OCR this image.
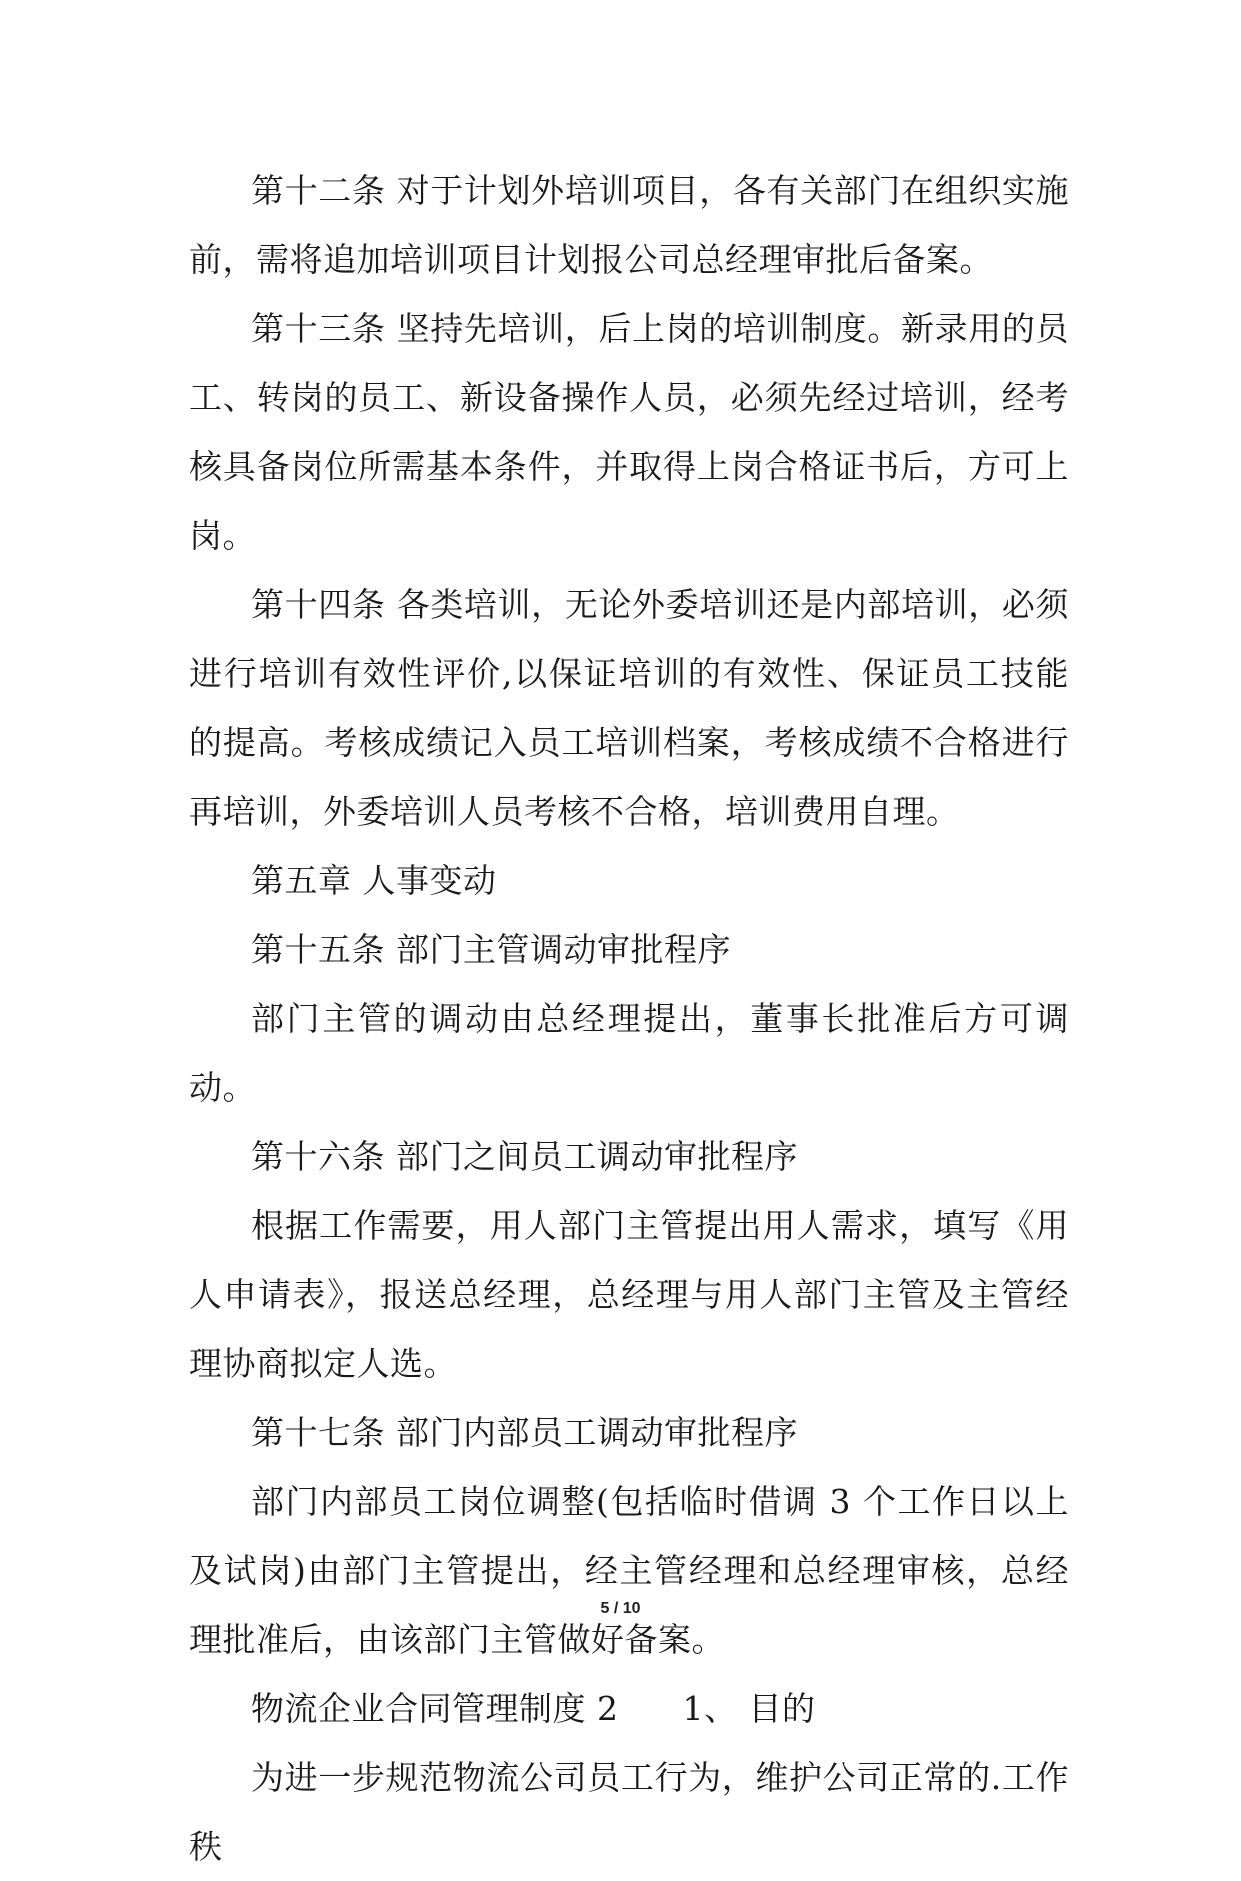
第十二条 对于计划外培训项目，各有关部门在组织实施前，需将追加培训项目计划报公司总经理审批后备案。

第十三条 坚持先培训，后上岗的培训制度。新录用的员工、转岗的员工、新设备操作人员，必须先经过培训，经考核具备岗位所需基本条件，并取得上岗合格证书后，方可上岗。

第十四条 各类培训，无论外委培训还是内部培训，必须进行培训有效性评价,以保证培训的有效性、保证员工技能的提高。考核成绩记入员工培训档案，考核成绩不合格进行再培训，外委培训人员考核不合格，培训费用自理。

第五章 人事变动

第十五条 部门主管调动审批程序

部门主管的调动由总经理提出，董事长批准后方可调动。

第十六条 部门之间员工调动审批程序

根据工作需要，用人部门主管提出用人需求，填写《用人申请表》，报送总经理，总经理与用人部门主管及主管经理协商拟定人选。

第十七条 部门内部员工调动审批程序

部门内部员工岗位调整(包括临时借调 3 个工作日以上及试岗)由部门主管提出，经主管经理和总经理审核，总经理批准后，由该部门主管做好备案。

物流企业合同管理制度 2 1、 目的

为进一步规范物流公司员工行为，维护公司正常的.工作秩

5 / 10
